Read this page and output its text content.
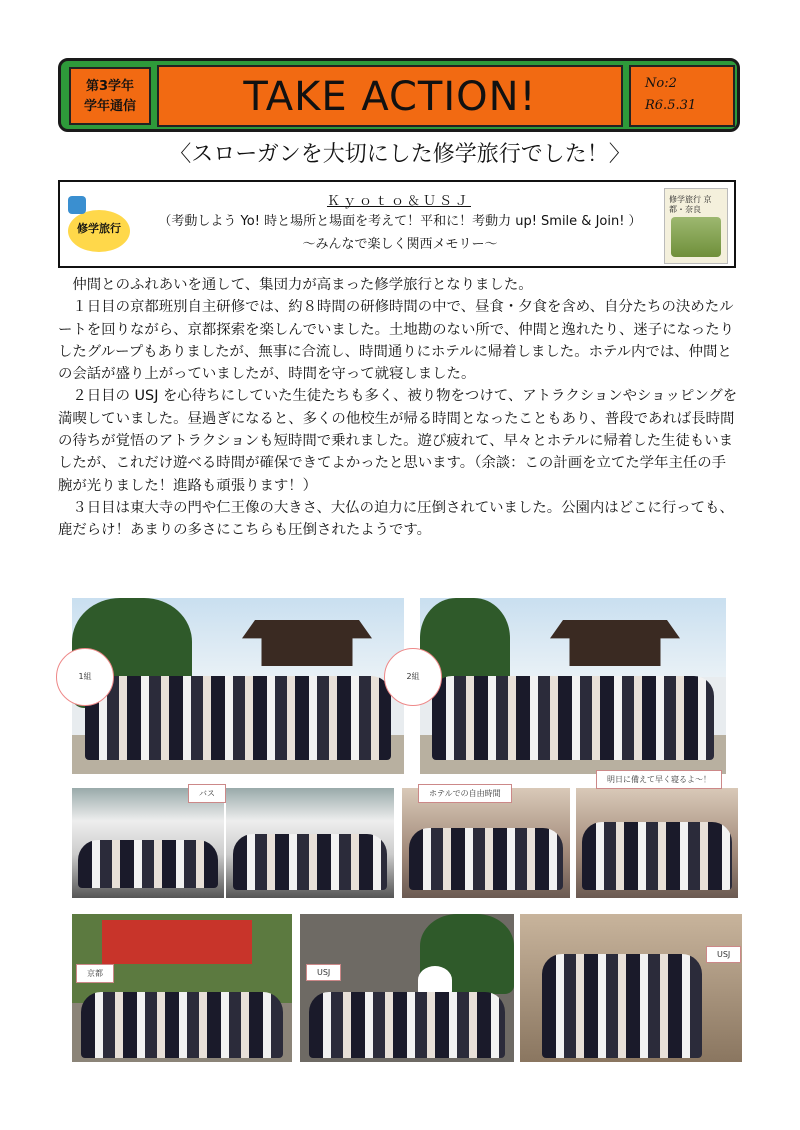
第3学年
学年通信	TAKE ACTION!	No:2
R6.5.31
〈スローガンを大切にした修学旅行でした！〉
修学旅行
Ｋｙｏｔｏ＆ＵＳＪ
（考動しよう Yo! 時と場所と場面を考えて！平和に！考動力 up! Smile & Join! ）
～みんなで楽しく関西メモリー～
修学旅行 京都・奈良

仲間とのふれあいを通して、集団力が高まった修学旅行となりました。

１日目の京都班別自主研修では、約８時間の研修時間の中で、昼食・夕食を含め、自分たちの決めたルートを回りながら、京都探索を楽しんでいました。土地勘のない所で、仲間と逸れたり、迷子になったりしたグループもありましたが、無事に合流し、時間通りにホテルに帰着しました。ホテル内では、仲間との会話が盛り上がっていましたが、時間を守って就寝しました。

２日目の USJ を心待ちにしていた生徒たちも多く、被り物をつけて、アトラクションやショッピングを満喫していました。昼過ぎになると、多くの他校生が帰る時間となったこともあり、普段であれば長時間の待ちが覚悟のアトラクションも短時間で乗れました。遊び疲れて、早々とホテルに帰着した生徒もいましたが、これだけ遊べる時間が確保できてよかったと思います。（余談：この計画を立てた学年主任の手腕が光りました！進路も頑張ります！）

３日目は東大寺の門や仁王像の大きさ、大仏の迫力に圧倒されていました。公園内はどこに行っても、鹿だらけ！あまりの多さにこちらも圧倒されたようです。

1組	2組
バス	ホテルでの自由時間
明日に備えて早く寝るよ～！
京都	USJ
USJ
